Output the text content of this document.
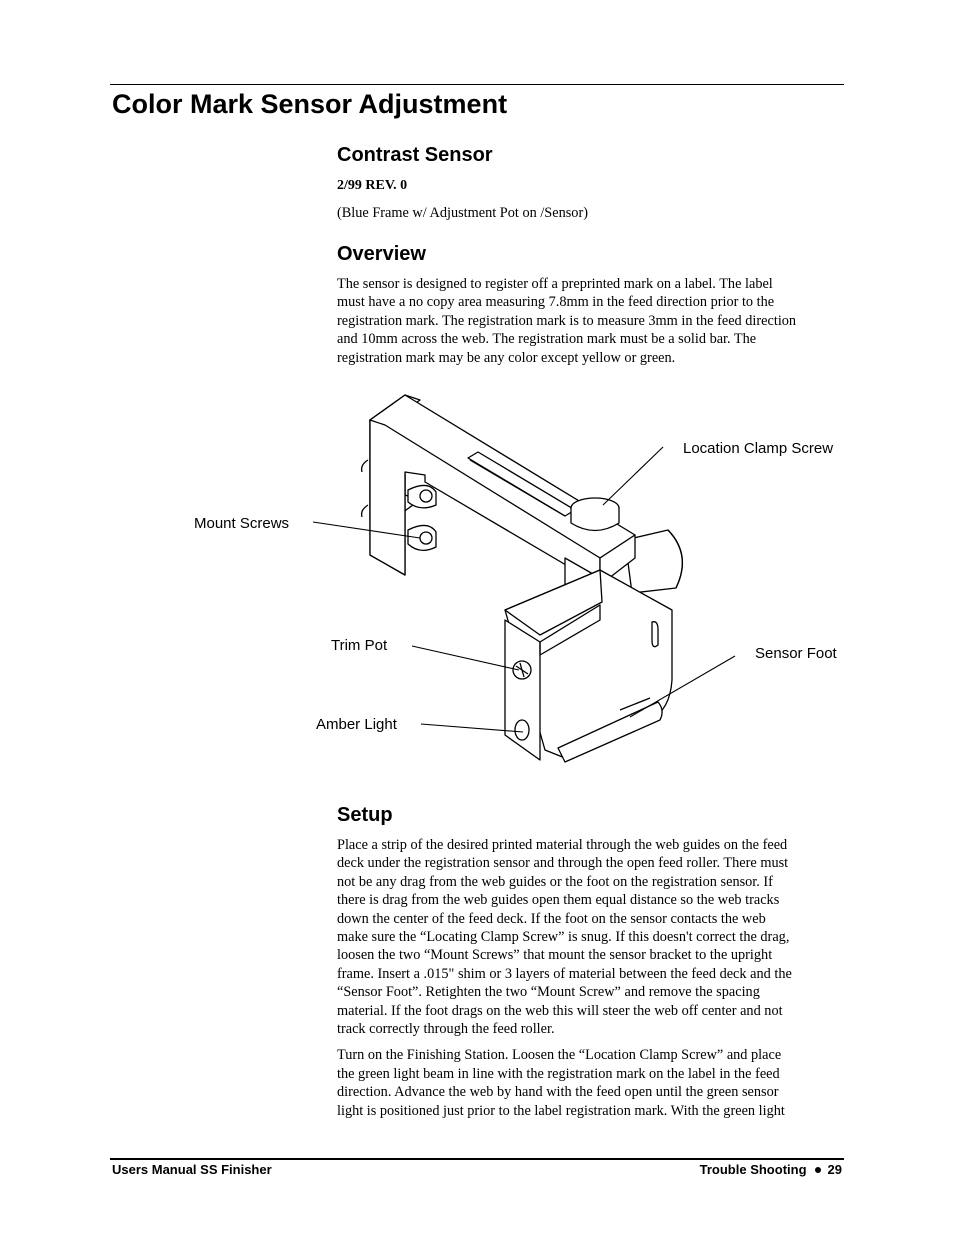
Color Mark Sensor Adjustment
Contrast Sensor
2/99 REV. 0
(Blue Frame w/ Adjustment Pot on /Sensor)
Overview

The sensor is designed to register off a preprinted mark on a label. The label

must have a no copy area measuring 7.8mm in the feed direction prior to the

registration mark. The registration mark is to measure 3mm in the feed direction

and 10mm across the web. The registration mark must be a solid bar. The

registration mark may be any color except yellow or green.

Location Clamp Screw
Mount Screws
Trim Pot	Sensor Foot
Amber Light
Setup

Place a strip of the desired printed material through the web guides on the feed

deck under the registration sensor and through the open feed roller. There must

not be any drag from the web guides or the foot on the registration sensor. If

there is drag from the web guides open them equal distance so the web tracks

down the center of the feed deck. If the foot on the sensor contacts the web

make sure the “Locating Clamp Screw” is snug. If this doesn't correct the drag,

loosen the two “Mount Screws” that mount the sensor bracket to the upright

frame. Insert a .015" shim or 3 layers of material between the feed deck and the

“Sensor Foot”. Retighten the two “Mount Screw” and remove the spacing

material. If the foot drags on the web this will steer the web off center and not

track correctly through the feed roller.

Turn on the Finishing Station. Loosen the “Location Clamp Screw” and place

the green light beam in line with the registration mark on the label in the feed

direction. Advance the web by hand with the feed open until the green sensor

light is positioned just prior to the label registration mark. With the green light

Users Manual SS Finisher	Trouble Shooting 29
